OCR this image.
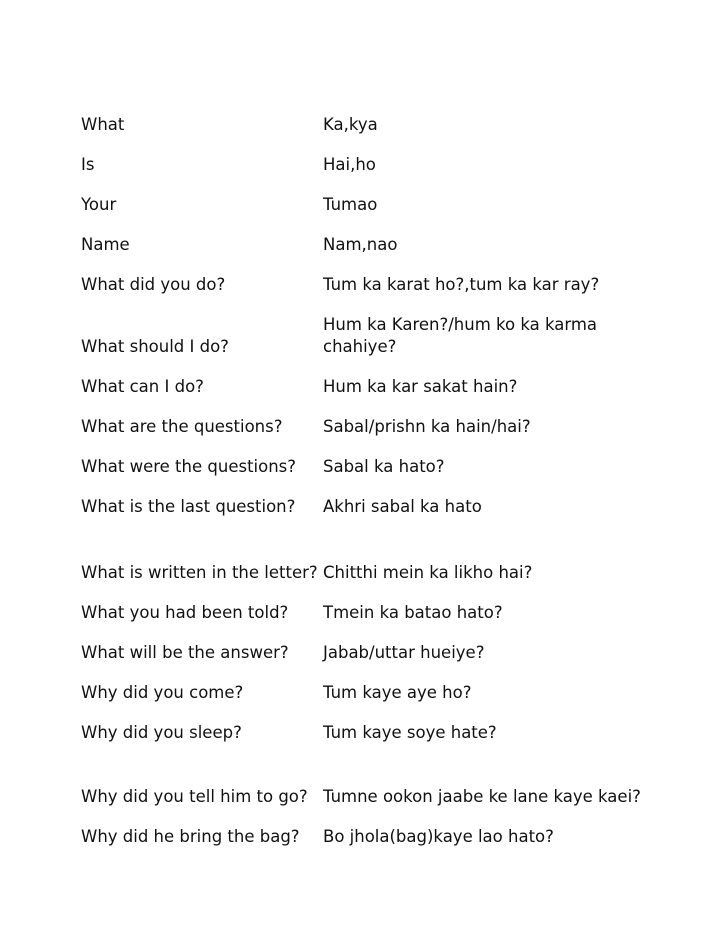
What	Ka,kya
Is	Hai,ho
Your	Tumao
Name	Nam,nao
What did you do?	Tum ka karat ho?,tum ka kar ray?
What should I do?	Hum ka Karen?/hum ko ka karma chahiye?
What can I do?	Hum ka kar sakat hain?
What are the questions?	Sabal/prishn ka hain/hai?
What were the questions?	Sabal ka hato?
What is the last question?	Akhri sabal ka hato
What is written in the letter?	Chitthi mein ka likho hai?
What you had been told?	Tmein ka batao hato?
What will be the answer?	Jabab/uttar hueiye?
Why did you come?	Tum kaye aye ho?
Why did you sleep?	Tum kaye soye hate?
Why did you tell him to go?	Tumne ookon jaabe ke lane kaye kaei?
Why did he bring the bag?	Bo jhola(bag)kaye lao hato?
